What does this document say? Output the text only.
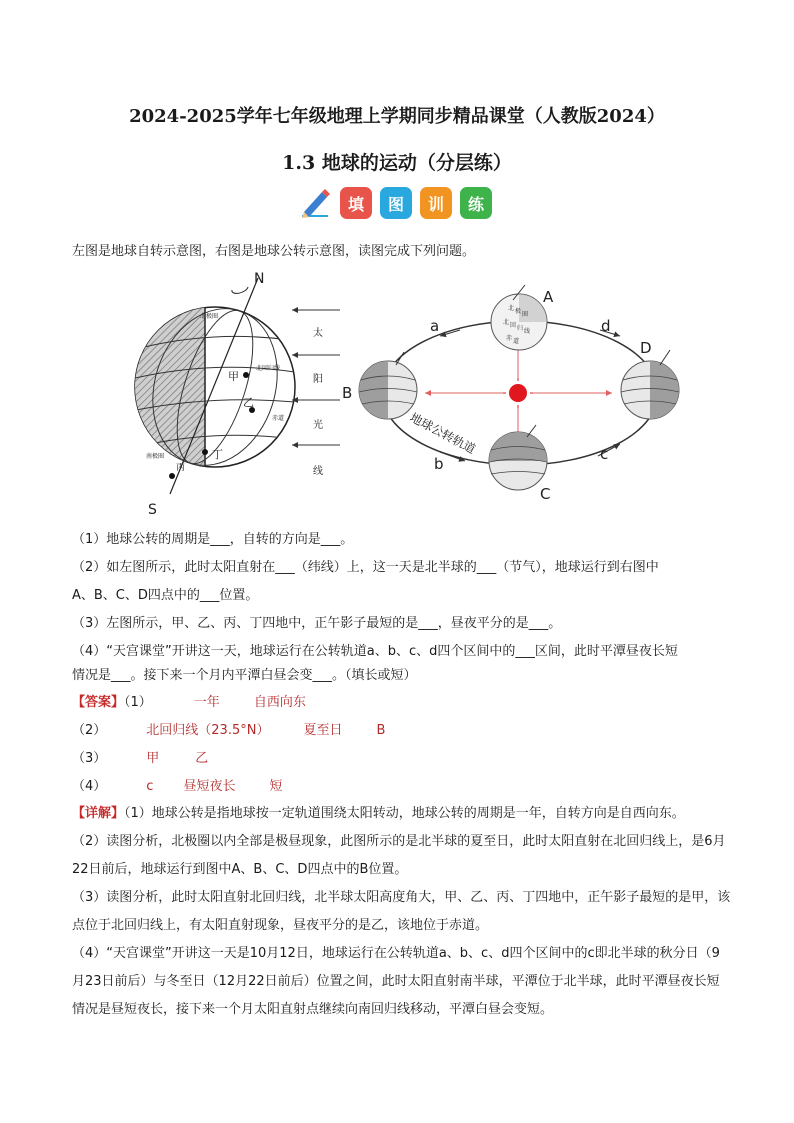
2024-2025学年七年级地理上学期同步精品课堂（人教版2024）
1.3 地球的运动（分层练）
填	图	训	练
左图是地球自转示意图，右图是地球公转示意图，读图完成下列问题。
N
S
甲
乙
丙
丁
北极圈
北回归线
赤道
南极圈
太
阳
光
线
A
B
C
D
a
b
c
d
地球公转轨道
北 极 圈
北 回 归 线
赤 道
（1）地球公转的周期是___，自转的方向是___。
（2）如左图所示，此时太阳直射在___（纬线）上，这一天是北半球的___（节气），地球运行到右图中
A、B、C、D四点中的___位置。
（3）左图所示，甲、乙、丙、丁四地中，正午影子最短的是___，昼夜平分的是___。
（4）“天宫课堂”开讲这一天，地球运行在公转轨道a、b、c、d四个区间中的___区间，此时平潭昼夜长短
情况是___。接下来一个月内平潭白昼会变___。（填长或短）
【答案】（1）	一年	自西向东
（2）	北回归线（23.5°N）	夏至日	B
（3）	甲	乙
（4）	c 昼短夜长	短
【详解】（1）地球公转是指地球按一定轨道围绕太阳转动，地球公转的周期是一年，自转方向是自西向东。
（2）读图分析，北极圈以内全部是极昼现象，此图所示的是北半球的夏至日，此时太阳直射在北回归线上，是6月22日前后，地球运行到图中A、B、C、D四点中的B位置。
（3）读图分析，此时太阳直射北回归线，北半球太阳高度角大，甲、乙、丙、丁四地中，正午影子最短的是甲，该点位于北回归线上，有太阳直射现象，昼夜平分的是乙，该地位于赤道。
（4）“天宫课堂”开讲这一天是10月12日，地球运行在公转轨道a、b、c、d四个区间中的c即北半球的秋分日（9月23日前后）与冬至日（12月22日前后）位置之间，此时太阳直射南半球，平潭位于北半球，此时平潭昼夜长短情况是昼短夜长，接下来一个月太阳直射点继续向南回归线移动，平潭白昼会变短。
